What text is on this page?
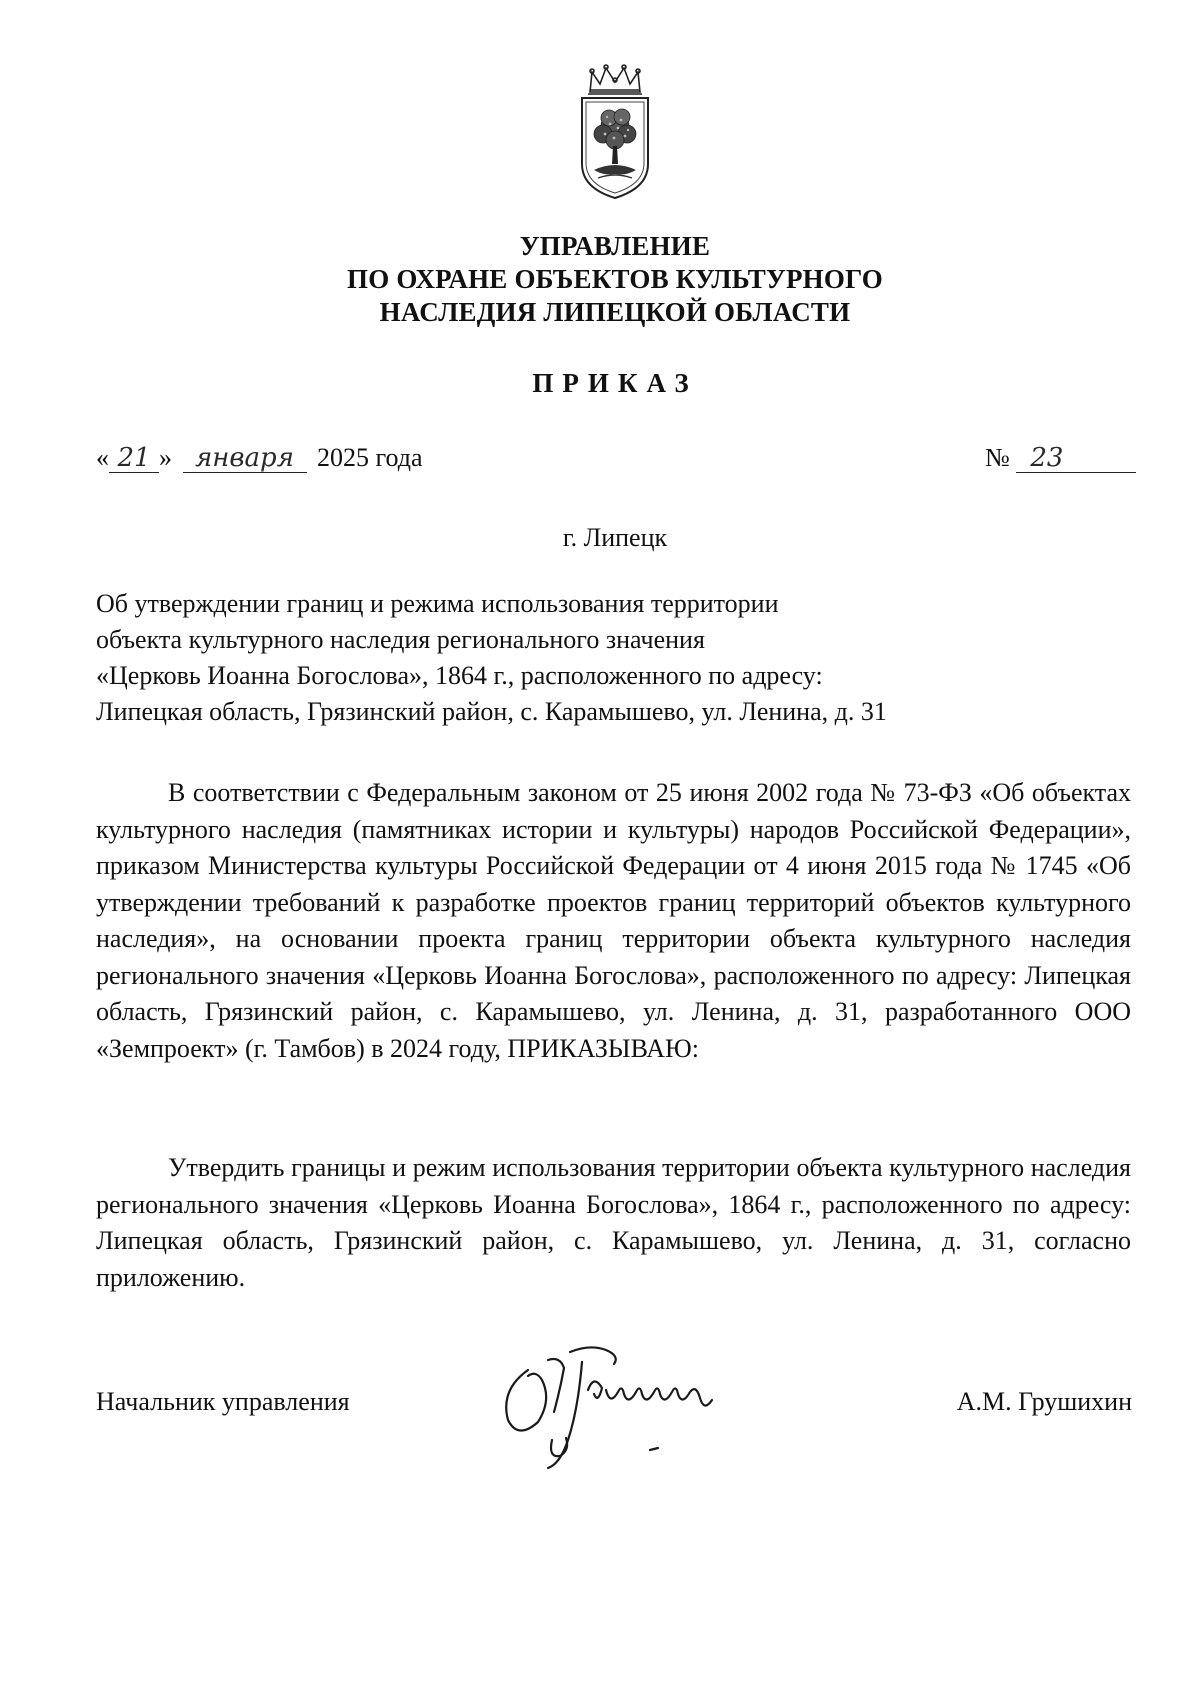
УПРАВЛЕНИЕ
ПО ОХРАНЕ ОБЪЕКТОВ КУЛЬТУРНОГО
НАСЛЕДИЯ ЛИПЕЦКОЙ ОБЛАСТИ
ПРИКАЗ
« 21 » января 2025 года	№ 23
г. Липецк
Об утверждении границ и режима использования территории
объекта культурного наследия регионального значения
«Церковь Иоанна Богослова», 1864 г., расположенного по адресу:
Липецкая область, Грязинский район, с. Карамышево, ул. Ленина, д. 31
В соответствии с Федеральным законом от 25 июня 2002 года № 73-ФЗ «Об объектах культурного наследия (памятниках истории и культуры) народов Российской Федерации», приказом Министерства культуры Российской Федерации от 4 июня 2015 года № 1745 «Об утверждении требований к разработке проектов границ территорий объектов культурного наследия», на основании проекта границ территории объекта культурного наследия регионального значения «Церковь Иоанна Богослова», расположенного по адресу: Липецкая область, Грязинский район, с. Карамышево, ул. Ленина, д. 31, разработанного ООО «Земпроект» (г. Тамбов) в 2024 году, ПРИКАЗЫВАЮ:
Утвердить границы и режим использования территории объекта культурного наследия регионального значения «Церковь Иоанна Богослова», 1864 г., расположенного по адресу: Липецкая область, Грязинский район, с. Карамышево, ул. Ленина, д. 31, согласно приложению.
Начальник управления	А.М. Грушихин
